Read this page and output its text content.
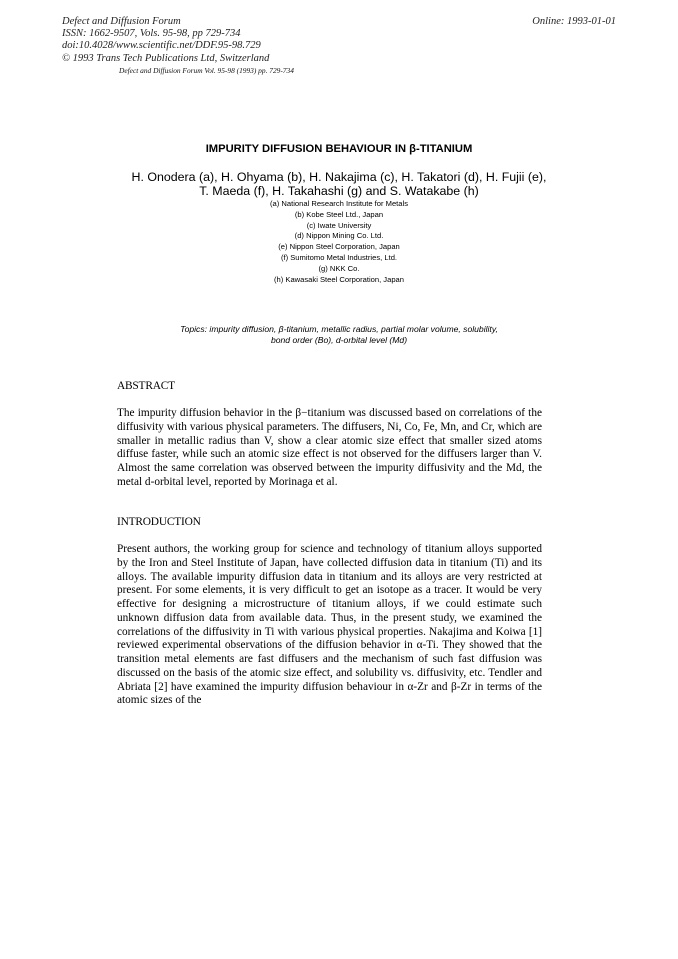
Defect and Diffusion Forum
ISSN: 1662-9507, Vols. 95-98, pp 729-734
doi:10.4028/www.scientific.net/DDF.95-98.729
© 1993 Trans Tech Publications Ltd, Switzerland
Online: 1993-01-01
Defect and Diffusion Forum Vol. 95-98 (1993) pp. 729-734
IMPURITY DIFFUSION BEHAVIOUR IN β-TITANIUM
H. Onodera (a), H. Ohyama (b), H. Nakajima (c), H. Takatori (d), H. Fujii (e),
T. Maeda (f), H. Takahashi (g) and S. Watakabe (h)
(a) National Research Institute for Metals
(b) Kobe Steel Ltd., Japan
(c) Iwate University
(d) Nippon Mining Co. Ltd.
(e) Nippon Steel Corporation, Japan
(f) Sumitomo Metal Industries, Ltd.
(g) NKK Co.
(h) Kawasaki Steel Corporation, Japan
Topics: impurity diffusion, β-titanium, metallic radius, partial molar volume, solubility,
bond order (Bo), d-orbital level (Md)
ABSTRACT
The impurity diffusion behavior in the β−titanium was discussed based on correlations of the diffusivity with various physical parameters. The diffusers, Ni, Co, Fe, Mn, and Cr, which are smaller in metallic radius than V, show a clear atomic size effect that smaller sized atoms diffuse faster, while such an atomic size effect is not observed for the diffusers larger than V. Almost the same correlation was observed between the impurity diffusivity and the Md, the metal d-orbital level, reported by Morinaga et al.
INTRODUCTION
Present authors, the working group for science and technology of titanium alloys supported by the Iron and Steel Institute of Japan, have collected diffusion data in titanium (Ti) and its alloys. The available impurity diffusion data in titanium and its alloys are very restricted at present. For some elements, it is very difficult to get an isotope as a tracer. It would be very effective for designing a microstructure of titanium alloys, if we could estimate such unknown diffusion data from available data. Thus, in the present study, we examined the correlations of the diffusivity in Ti with various physical properties. Nakajima and Koiwa [1] reviewed experimental observations of the diffusion behavior in α-Ti. They showed that the transition metal elements are fast diffusers and the mechanism of such fast diffusion was discussed on the basis of the atomic size effect, and solubility vs. diffusivity, etc. Tendler and Abriata [2] have examined the impurity diffusion behaviour in α-Zr and β-Zr in terms of the atomic sizes of the
